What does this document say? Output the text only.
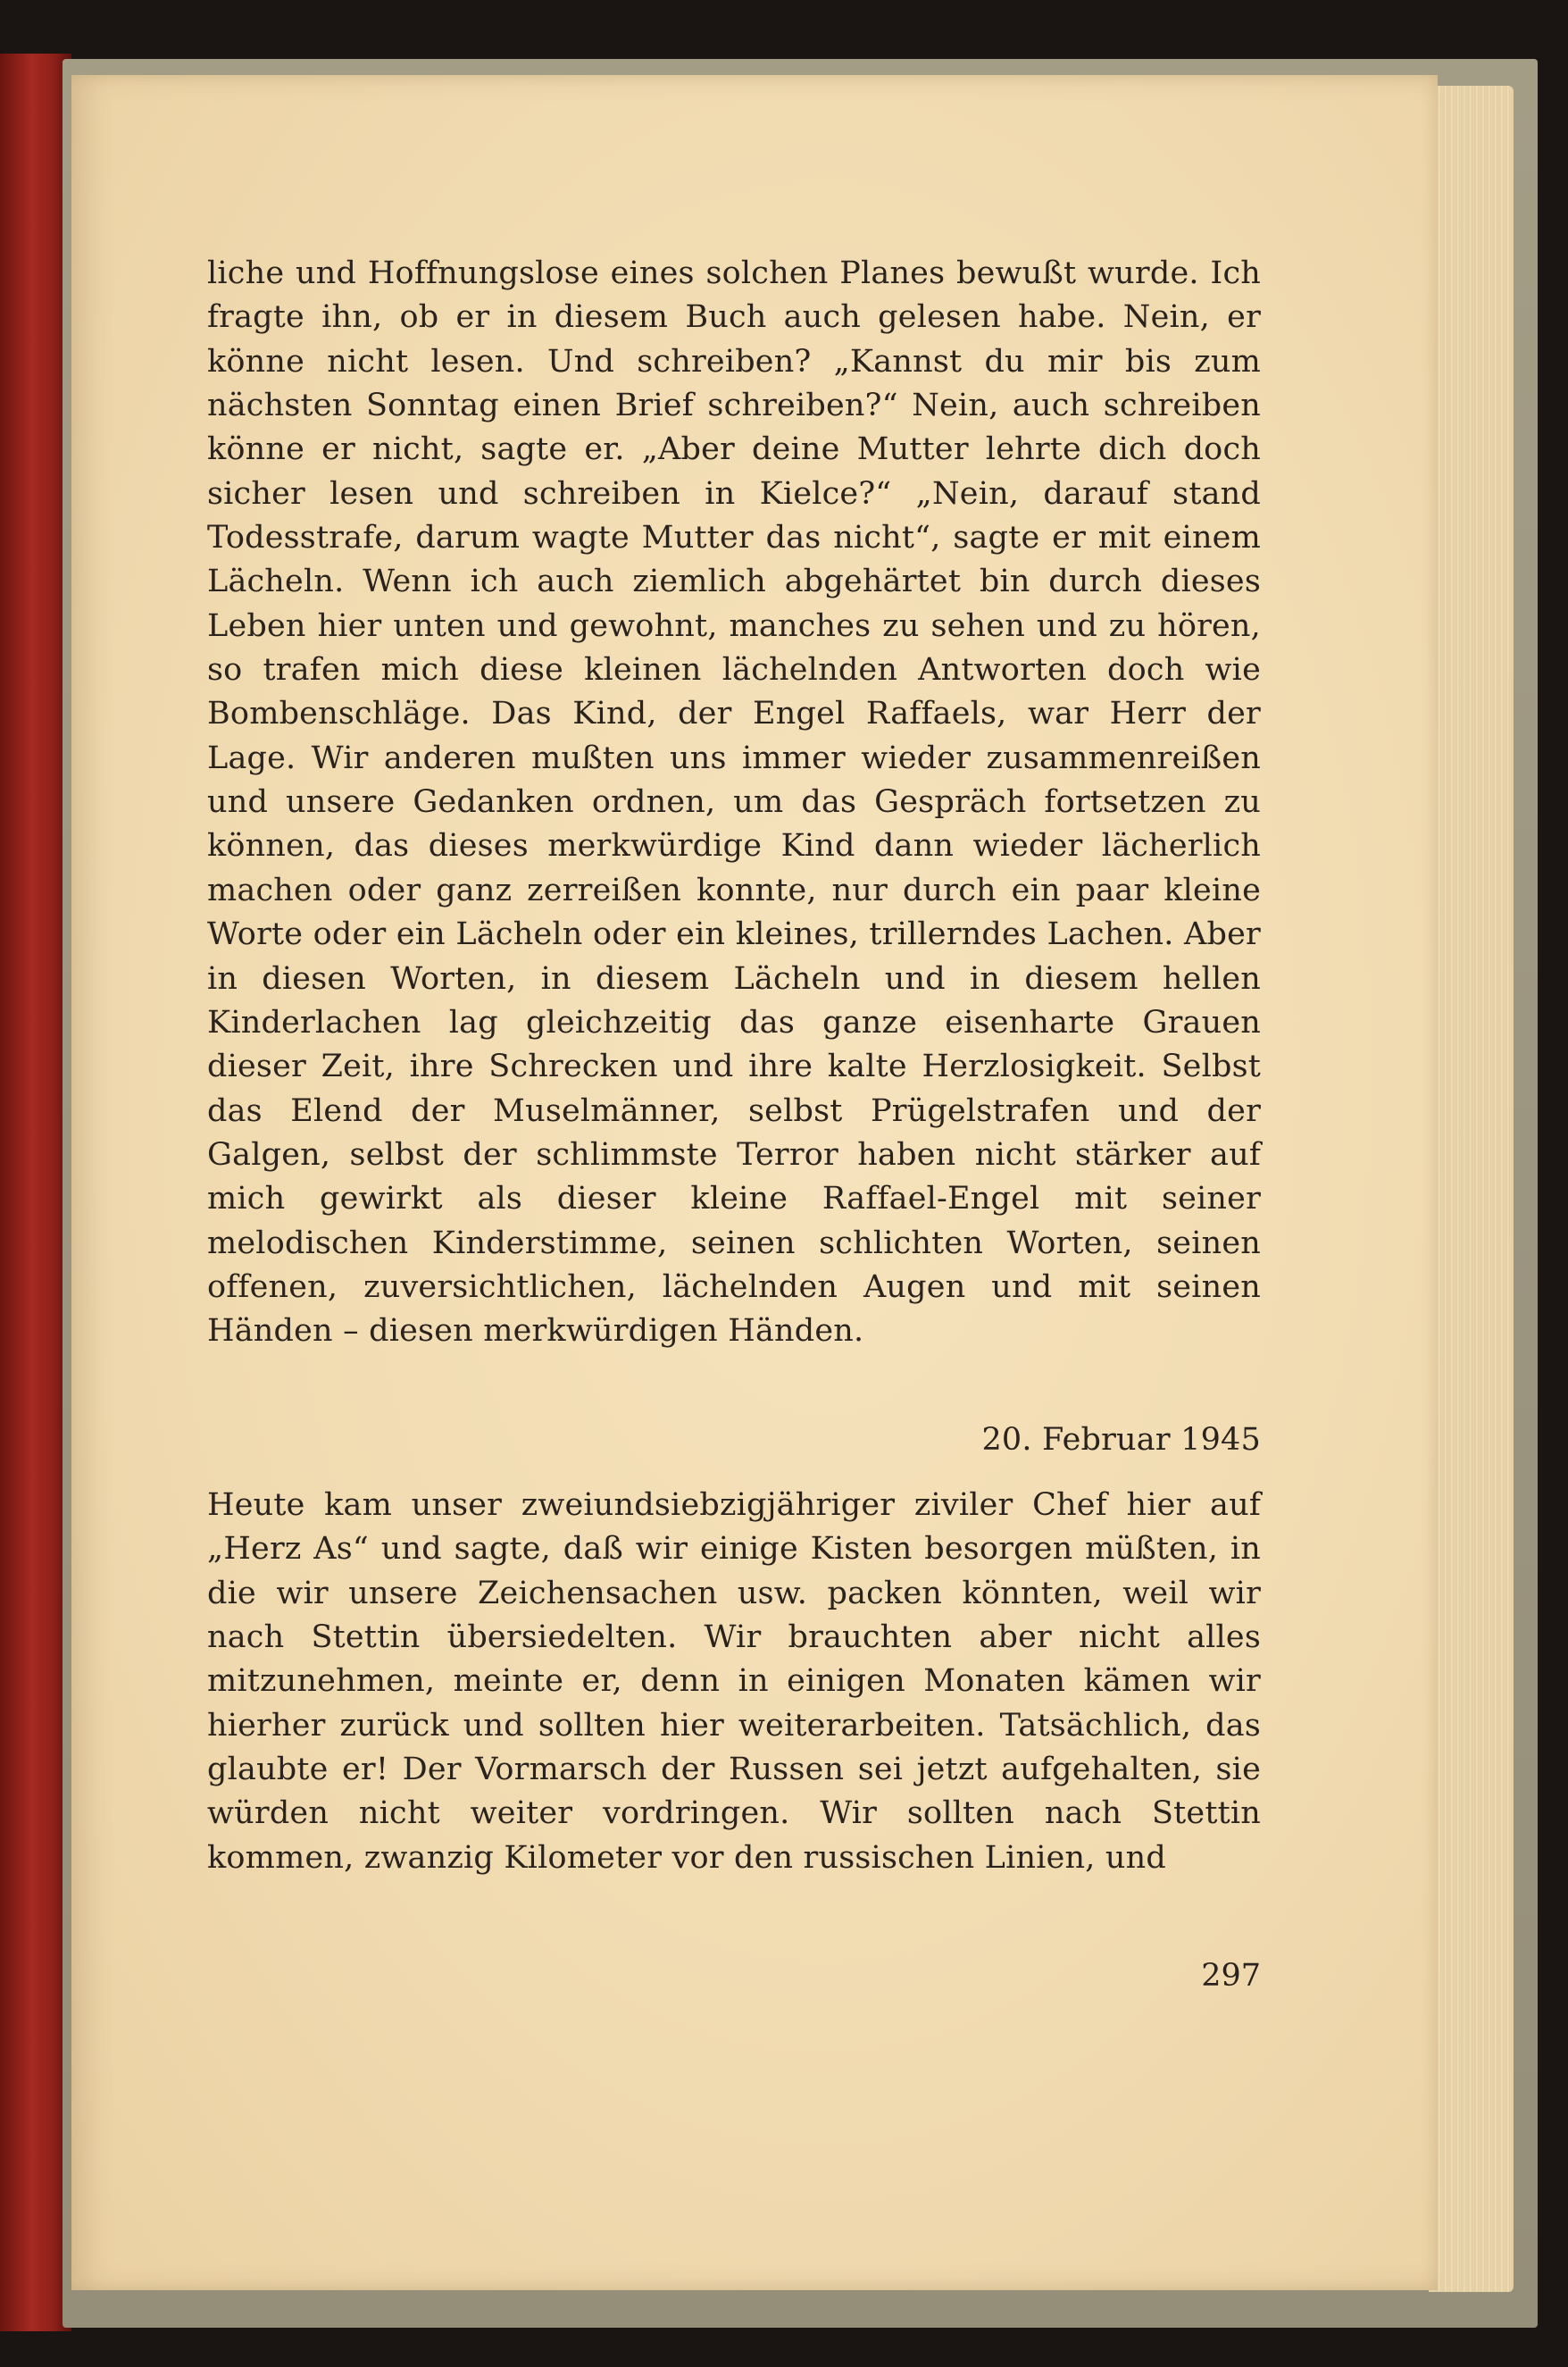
liche und Hoffnungslose eines solchen Planes bewußt wurde. Ich fragte ihn, ob er in diesem Buch auch gelesen habe. Nein, er könne nicht lesen. Und schreiben? „Kannst du mir bis zum nächsten Sonntag einen Brief schreiben?“ Nein, auch schreiben könne er nicht, sagte er. „Aber deine Mutter lehrte dich doch sicher lesen und schreiben in Kielce?“ „Nein, darauf stand Todesstrafe, darum wagte Mutter das nicht“, sagte er mit einem Lächeln. Wenn ich auch ziemlich abgehärtet bin durch dieses Leben hier unten und gewohnt, manches zu sehen und zu hören, so trafen mich diese kleinen lächelnden Antworten doch wie Bombenschläge. Das Kind, der Engel Raffaels, war Herr der Lage. Wir anderen mußten uns immer wieder zusammenreißen und unsere Gedanken ordnen, um das Gespräch fortsetzen zu können, das dieses merkwürdige Kind dann wieder lächerlich machen oder ganz zerreißen konnte, nur durch ein paar kleine Worte oder ein Lächeln oder ein kleines, trillerndes Lachen. Aber in diesen Worten, in diesem Lächeln und in diesem hellen Kinderlachen lag gleichzeitig das ganze eisenharte Grauen dieser Zeit, ihre Schrecken und ihre kalte Herzlosigkeit. Selbst das Elend der Muselmänner, selbst Prügelstrafen und der Galgen, selbst der schlimmste Terror haben nicht stärker auf mich gewirkt als dieser kleine Raffael-Engel mit seiner melodischen Kinderstimme, seinen schlichten Worten, seinen offenen, zuversichtlichen, lächelnden Augen und mit seinen Händen – diesen merkwürdigen Händen.

20. Februar 1945

Heute kam unser zweiundsiebzigjähriger ziviler Chef hier auf „Herz As“ und sagte, daß wir einige Kisten besorgen müßten, in die wir unsere Zeichensachen usw. packen könnten, weil wir nach Stettin übersiedelten. Wir brauchten aber nicht alles mitzunehmen, meinte er, denn in einigen Monaten kämen wir hierher zurück und sollten hier weiterarbeiten. Tatsächlich, das glaubte er! Der Vormarsch der Russen sei jetzt aufgehalten, sie würden nicht weiter vordringen. Wir sollten nach Stettin kommen, zwanzig Kilometer vor den russischen Linien, und

297
